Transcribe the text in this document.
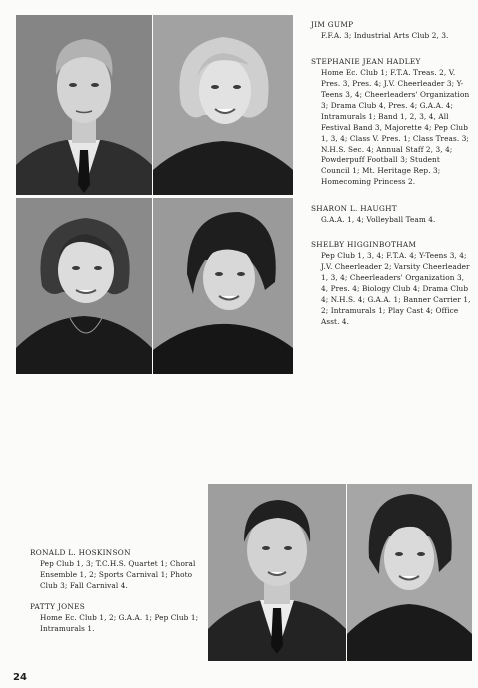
JIM GUMP
F.F.A. 3; Industrial Arts Club 2, 3.
STEPHANIE JEAN HADLEY
Home Ec. Club 1; F.T.A. Treas. 2, V. Pres. 3, Pres. 4; J.V. Cheerleader 3; Y-Teens 3, 4; Cheerleaders' Organization 3; Drama Club 4, Pres. 4; G.A.A. 4; Intramurals 1; Band 1, 2, 3, 4, All Festival Band 3, Majorette 4; Pep Club 1, 3, 4; Class V. Pres. 1; Class Treas. 3; N.H.S. Sec. 4; Annual Staff 2, 3, 4; Powderpuff Football 3; Student Council 1; Mt. Heritage Rep. 3; Homecoming Princess 2.
SHARON L. HAUGHT
G.A.A. 1, 4; Volleyball Team 4.
SHELBY HIGGINBOTHAM
Pep Club 1, 3, 4; F.T.A. 4; Y-Teens 3, 4; J.V. Cheerleader 2; Varsity Cheerleader 1, 3, 4; Cheerleaders' Organization 3, 4, Pres. 4; Biology Club 4; Drama Club 4; N.H.S. 4; G.A.A. 1; Banner Carrier 1, 2; Intramurals 1; Play Cast 4; Office Asst. 4.
RONALD L. HOSKINSON
Pep Club 1, 3; T.C.H.S. Quartet 1; Choral Ensemble 1, 2; Sports Carnival 1; Photo Club 3; Fall Carnival 4.
PATTY JONES
Home Ec. Club 1, 2; G.A.A. 1; Pep Club 1; Intramurals 1.
24
